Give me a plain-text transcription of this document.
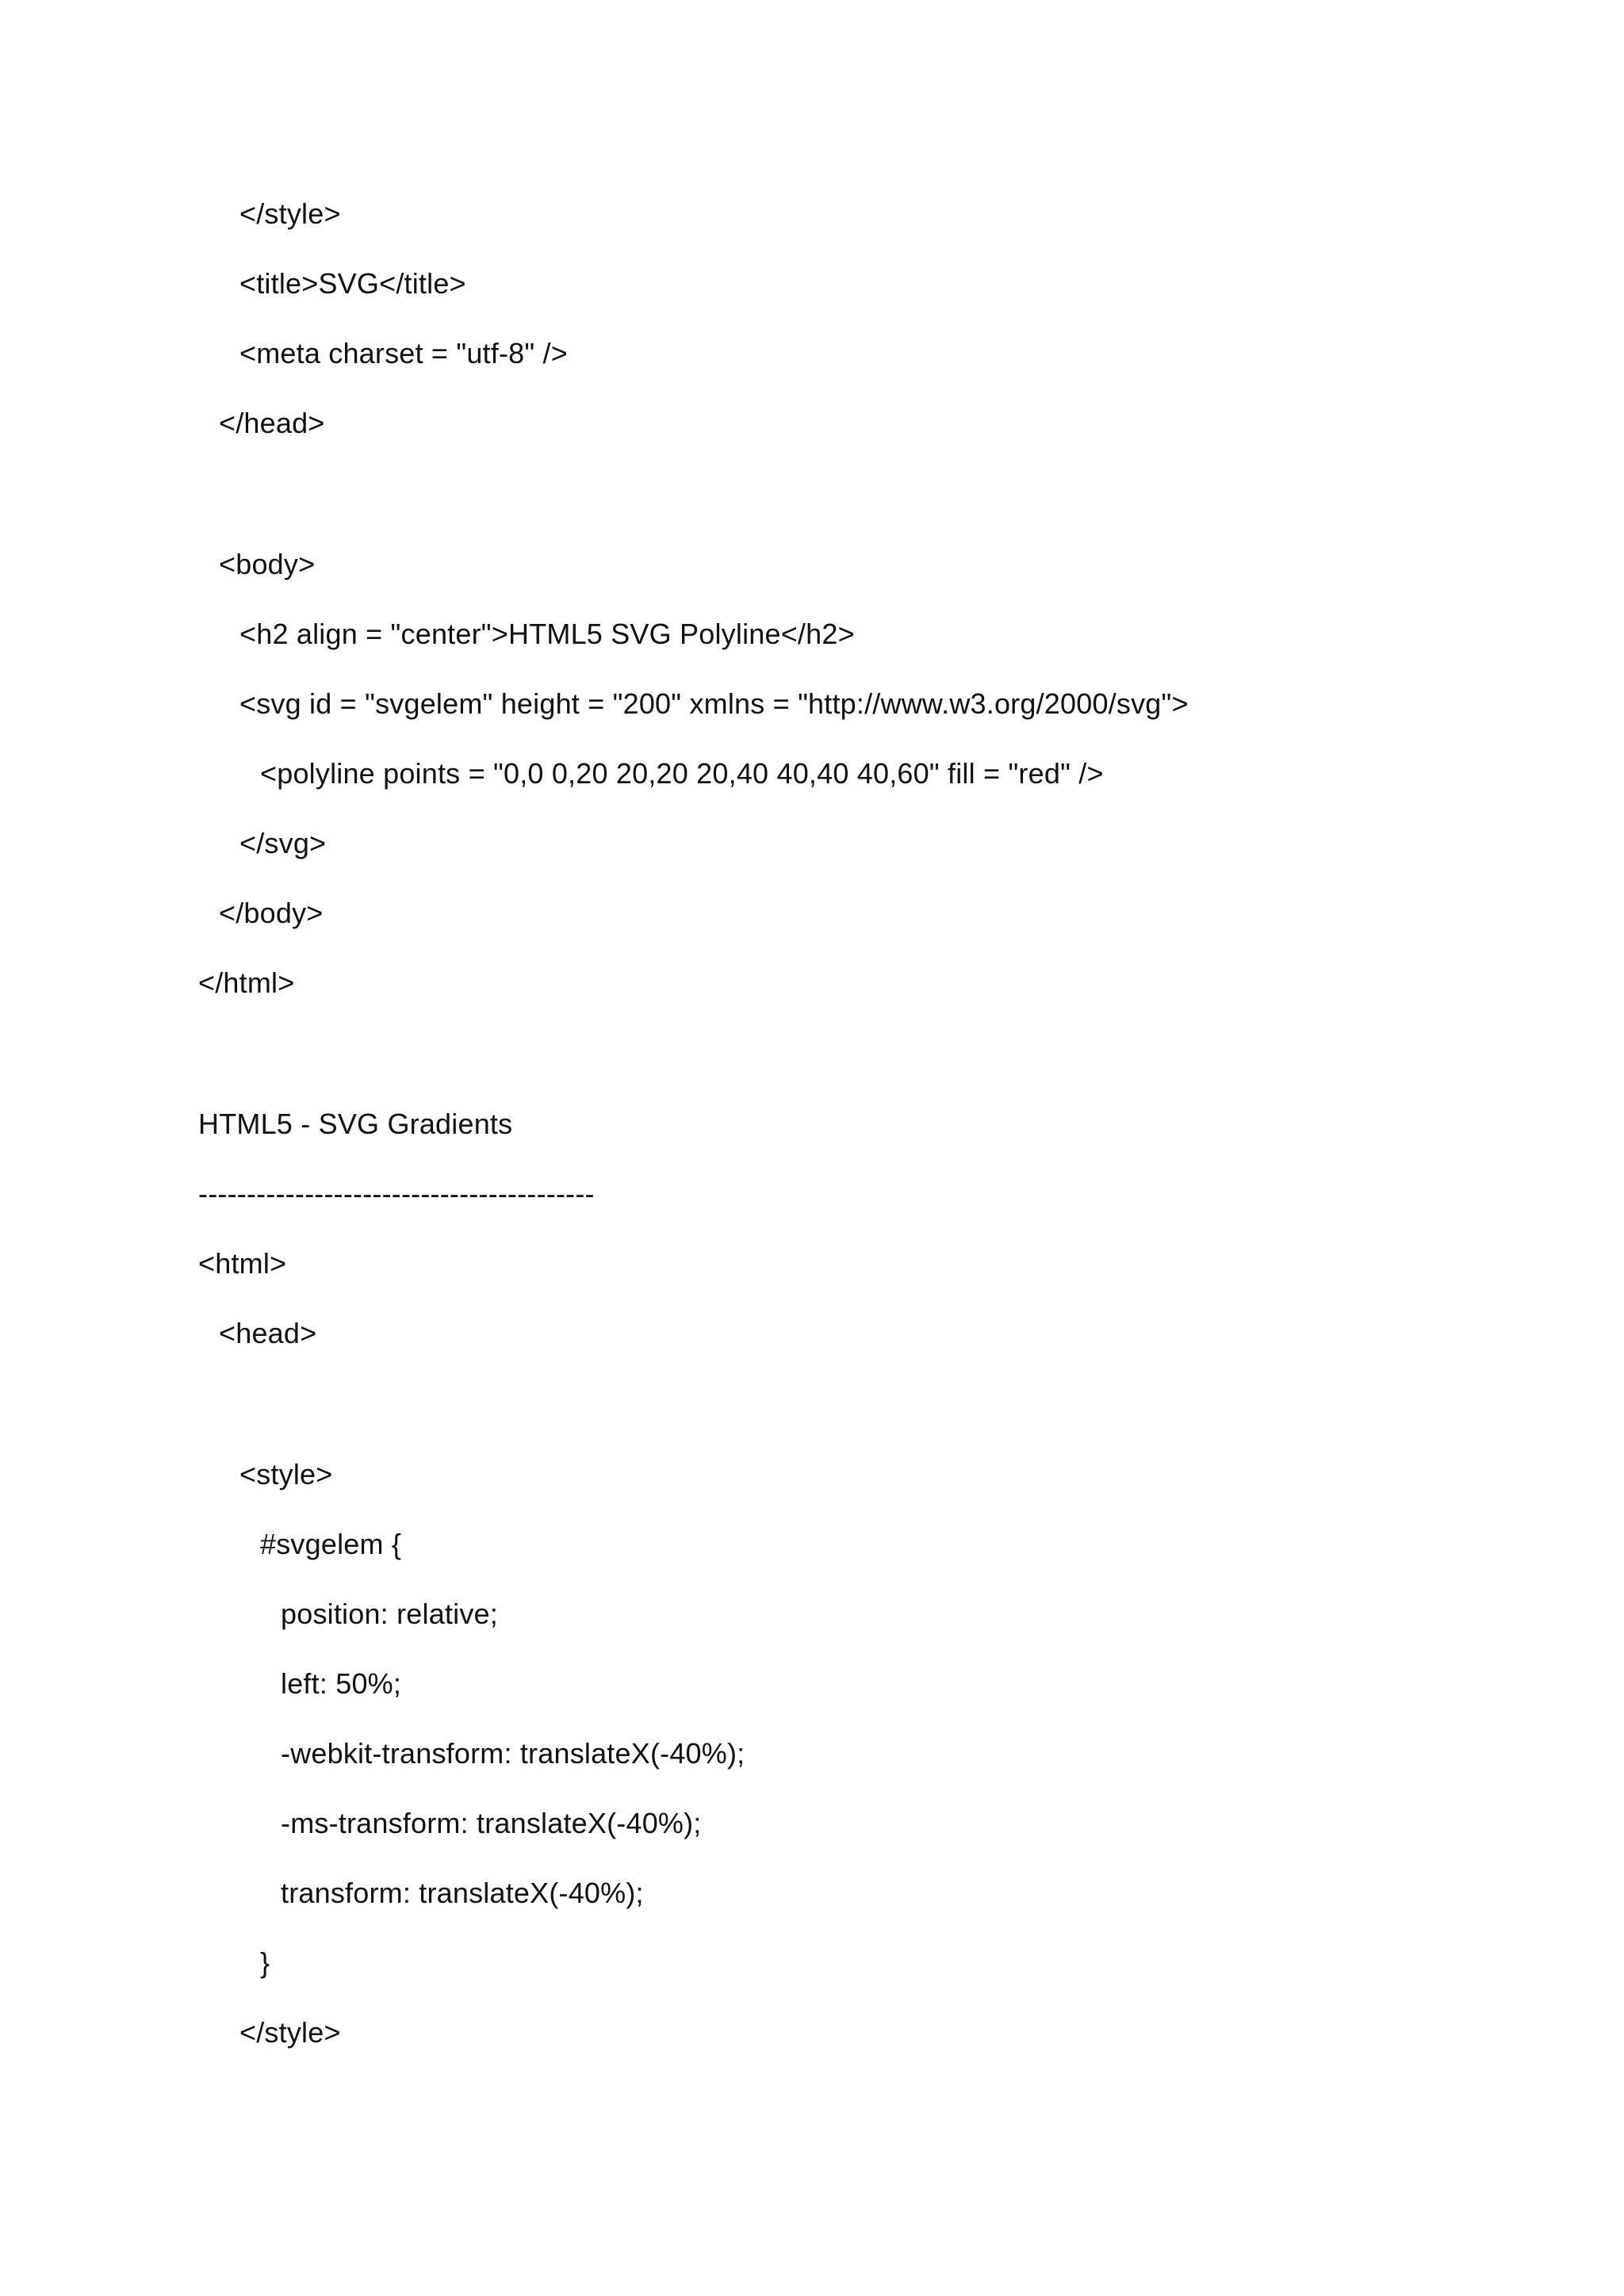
</style>
<title>SVG</title>
<meta charset = "utf-8" />
</head>
<body>
<h2 align = "center">HTML5 SVG Polyline</h2>
<svg id = "svgelem" height = "200" xmlns = "http://www.w3.org/2000/svg">
<polyline points = "0,0 0,20 20,20 20,40 40,40 40,60" fill = "red" />
</svg>
</body>
</html>
HTML5 - SVG Gradients
-----------------------------------------
<html>
<head>
<style>
#svgelem {
position: relative;
left: 50%;
-webkit-transform: translateX(-40%);
-ms-transform: translateX(-40%);
transform: translateX(-40%);
}
</style>
